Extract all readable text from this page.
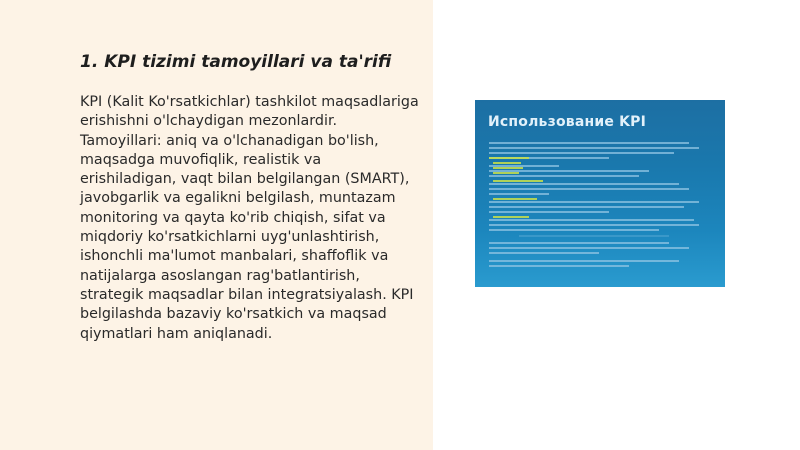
1. KPI tizimi tamoyillari va ta'rifi

KPI (Kalit Ko'rsatkichlar) tashkilot maqsadlariga erishishni o'lchaydigan mezonlardir. Tamoyillari: aniq va o'lchanadigan bo'lish, maqsadga muvofiqlik, realistik va erishiladigan, vaqt bilan belgilangan (SMART), javobgarlik va egalikni belgilash, muntazam monitoring va qayta ko'rib chiqish, sifat va miqdoriy ko'rsatkichlarni uyg'unlashtirish, ishonchli ma'lumot manbalari, shaffoflik va natijalarga asoslangan rag'batlantirish, strategik maqsadlar bilan integratsiyalash. KPI belgilashda bazaviy ko'rsatkich va maqsad qiymatlari ham aniqlanadi.

Использование KPI
